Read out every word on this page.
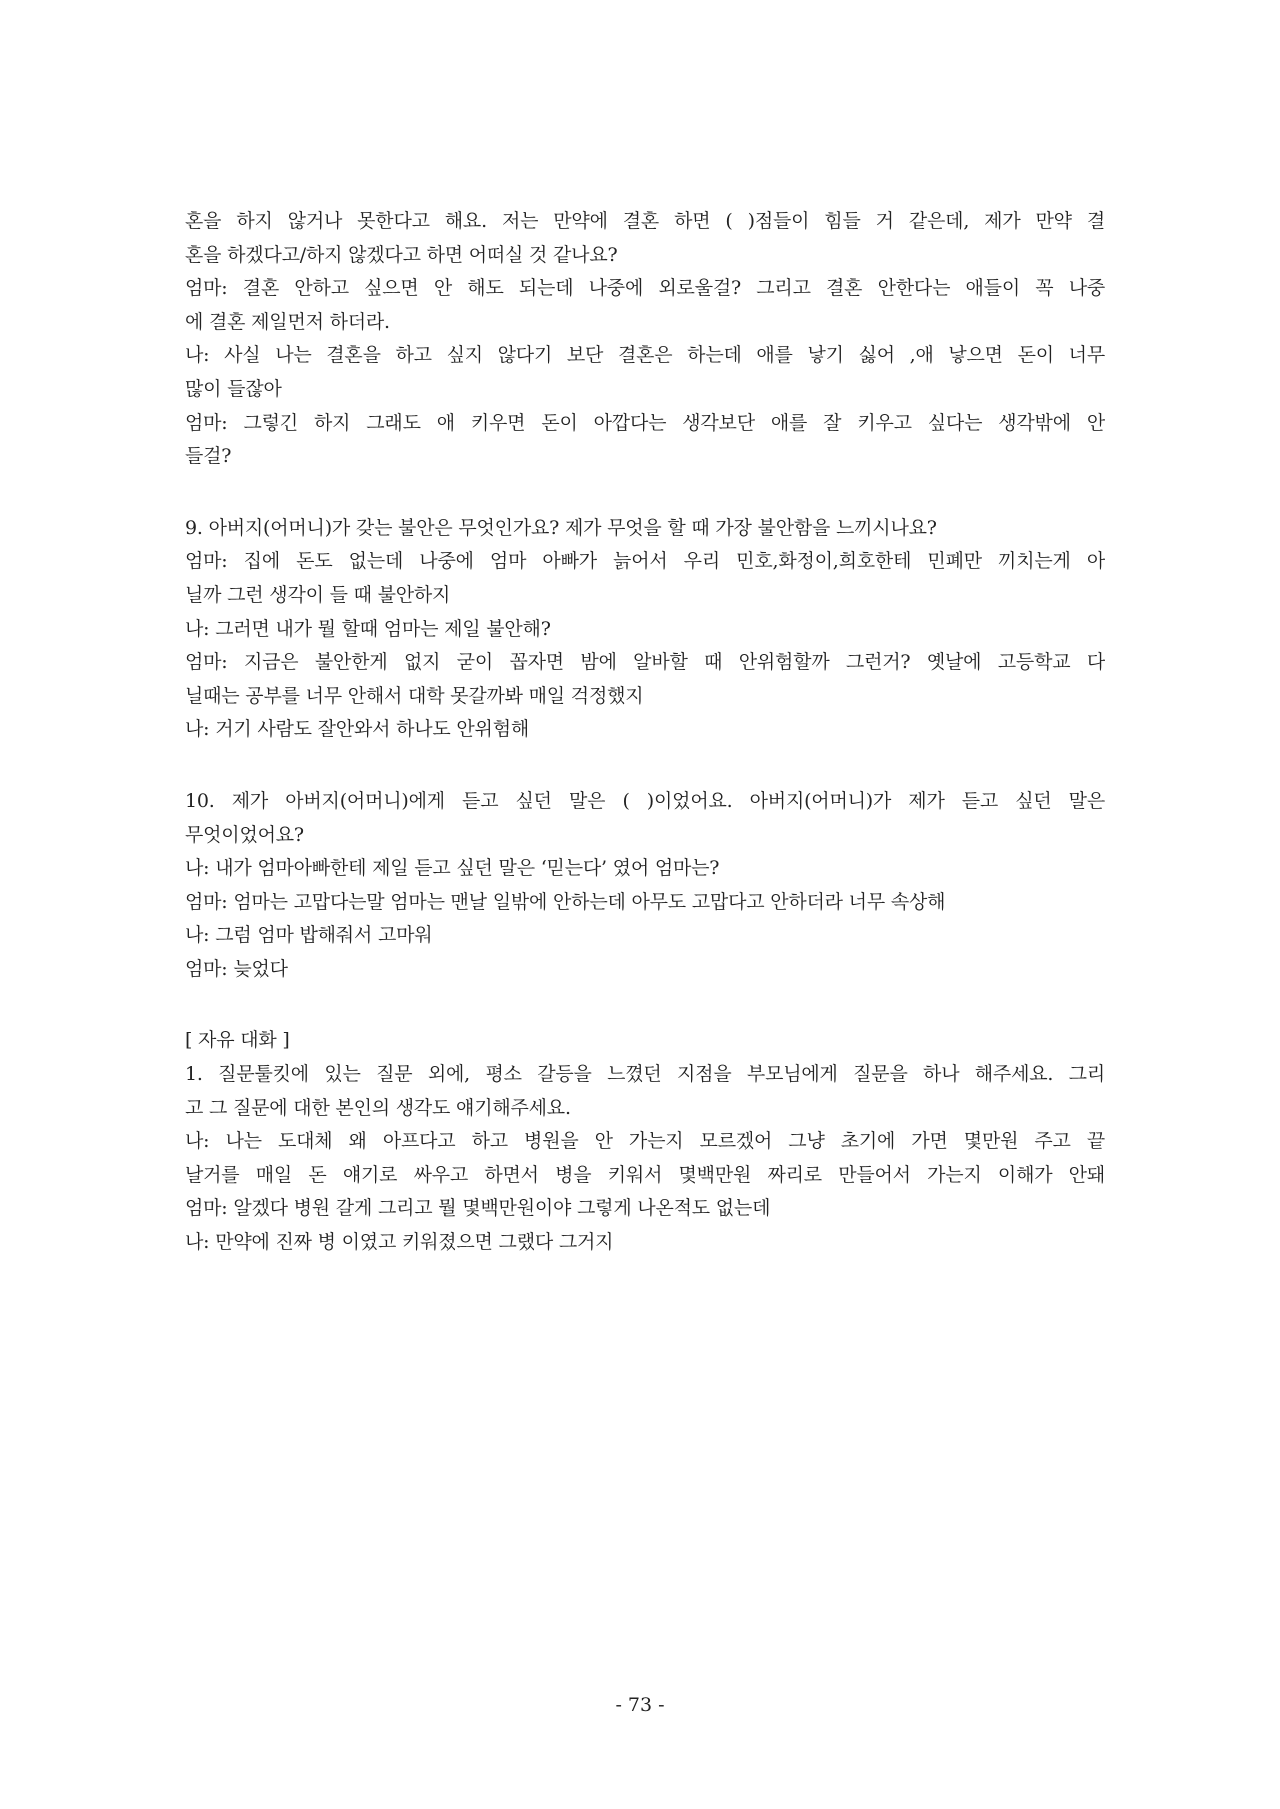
혼을 하지 않거나 못한다고 해요. 저는 만약에 결혼 하면 ( )점들이 힘들 거 같은데, 제가 만약 결
혼을 하겠다고/하지 않겠다고 하면 어떠실 것 같나요?
엄마: 결혼 안하고 싶으면 안 해도 되는데 나중에 외로울걸? 그리고 결혼 안한다는 애들이 꼭 나중
에 결혼 제일먼저 하더라.
나: 사실 나는 결혼을 하고 싶지 않다기 보단 결혼은 하는데 애를 낳기 싫어 ,애 낳으면 돈이 너무
많이 들잖아
엄마: 그렇긴 하지 그래도 애 키우면 돈이 아깝다는 생각보단 애를 잘 키우고 싶다는 생각밖에 안
들걸?
9. 아버지(어머니)가 갖는 불안은 무엇인가요? 제가 무엇을 할 때 가장 불안함을 느끼시나요?
엄마: 집에 돈도 없는데 나중에 엄마 아빠가 늙어서 우리 민호,화정이,희호한테 민폐만 끼치는게 아
닐까 그런 생각이 들 때 불안하지
나: 그러면 내가 뭘 할때 엄마는 제일 불안해?
엄마: 지금은 불안한게 없지 굳이 꼽자면 밤에 알바할 때 안위험할까 그런거? 옛날에 고등학교 다
닐때는 공부를 너무 안해서 대학 못갈까봐 매일 걱정했지
나: 거기 사람도 잘안와서 하나도 안위험해
10. 제가 아버지(어머니)에게 듣고 싶던 말은 ( )이었어요. 아버지(어머니)가 제가 듣고 싶던 말은
무엇이었어요?
나: 내가 엄마아빠한테 제일 듣고 싶던 말은 ‘믿는다’ 였어 엄마는?
엄마: 엄마는 고맙다는말 엄마는 맨날 일밖에 안하는데 아무도 고맙다고 안하더라 너무 속상해
나: 그럼 엄마 밥해줘서 고마워
엄마: 늦었다
[ 자유 대화 ]
1. 질문툴킷에 있는 질문 외에, 평소 갈등을 느꼈던 지점을 부모님에게 질문을 하나 해주세요. 그리
고 그 질문에 대한 본인의 생각도 얘기해주세요.
나: 나는 도대체 왜 아프다고 하고 병원을 안 가는지 모르겠어 그냥 초기에 가면 몇만원 주고 끝
날거를 매일 돈 얘기로 싸우고 하면서 병을 키워서 몇백만원 짜리로 만들어서 가는지 이해가 안돼
엄마: 알겠다 병원 갈게 그리고 뭘 몇백만원이야 그렇게 나온적도 없는데
나: 만약에 진짜 병 이였고 키워졌으면 그랬다 그거지
- 73 -
